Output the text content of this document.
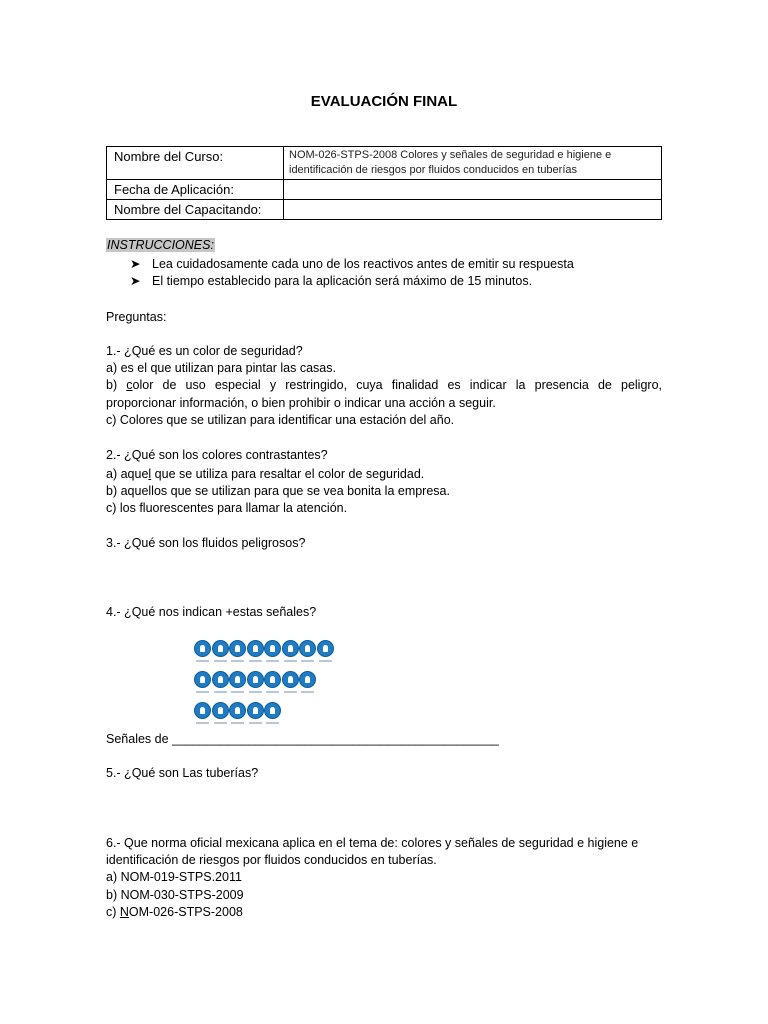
EVALUACIÓN FINAL
Nombre del Curso:	NOM-026-STPS-2008 Colores y señales de seguridad e higiene e
identificación de riesgos por fluidos conducidos en tuberías

Fecha de Aplicación:	
Nombre del Capacitando:	
INSTRUCCIONES:
➤ Lea cuidadosamente cada uno de los reactivos antes de emitir su respuesta
➤ El tiempo establecido para la aplicación será máximo de 15 minutos.
Preguntas:
1.- ¿Qué es un color de seguridad?
a) es el que utilizan para pintar las casas.
b) color de uso especial y restringido, cuya finalidad es indicar la presencia de peligro,
proporcionar información, o bien prohibir o indicar una acción a seguir.
c) Colores que se utilizan para identificar una estación del año.
2.- ¿Qué son los colores contrastantes?
a) aquel que se utiliza para resaltar el color de seguridad.
b) aquellos que se utilizan para que se vea bonita la empresa.
c) los fluorescentes para llamar la atención.
3.- ¿Qué son los fluidos peligrosos?
4.- ¿Qué nos indican +estas señales?
Señales de _______________________________________________
5.- ¿Qué son Las tuberías?
6.- Que norma oficial mexicana aplica en el tema de: colores y señales de seguridad e higiene e
identificación de riesgos por fluidos conducidos en tuberías.
a) NOM-019-STPS.2011
b) NOM-030-STPS-2009
c) NOM-026-STPS-2008
